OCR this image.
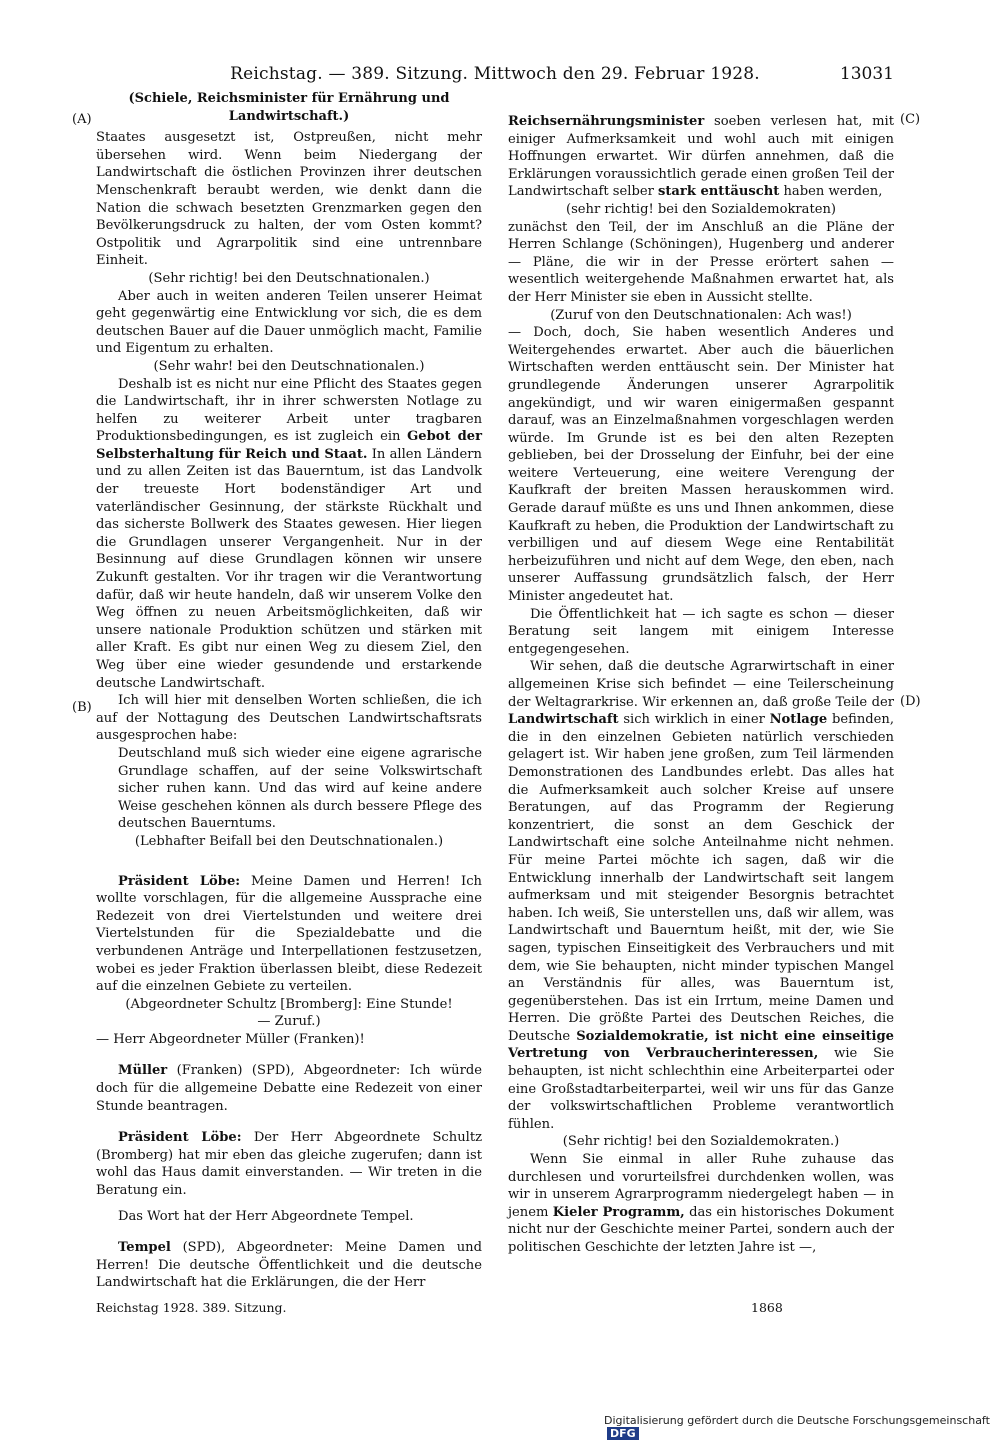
Reichstag. — 389. Sitzung. Mittwoch den 29. Februar 1928.	13031
(A)
(B)
(C)
(D)
(Schiele, Reichsminister für Ernährung und Landwirtschaft.)

Staates ausgesetzt ist, Ostpreußen, nicht mehr übersehen wird. Wenn beim Niedergang der Landwirtschaft die östlichen Provinzen ihrer deutschen Menschenkraft beraubt werden, wie denkt dann die Nation die schwach besetzten Grenzmarken gegen den Bevölkerungsdruck zu halten, der vom Osten kommt? Ostpolitik und Agrarpolitik sind eine untrennbare Einheit.

(Sehr richtig! bei den Deutschnationalen.)

Aber auch in weiten anderen Teilen unserer Heimat geht gegenwärtig eine Entwicklung vor sich, die es dem deutschen Bauer auf die Dauer unmöglich macht, Familie und Eigentum zu erhalten.

(Sehr wahr! bei den Deutschnationalen.)

Deshalb ist es nicht nur eine Pflicht des Staates gegen die Landwirtschaft, ihr in ihrer schwersten Notlage zu helfen zu weiterer Arbeit unter tragbaren Produktionsbedingungen, es ist zugleich ein Gebot der Selbsterhaltung für Reich und Staat. In allen Ländern und zu allen Zeiten ist das Bauerntum, ist das Landvolk der treueste Hort bodenständiger Art und vaterländischer Gesinnung, der stärkste Rückhalt und das sicherste Bollwerk des Staates gewesen. Hier liegen die Grundlagen unserer Vergangenheit. Nur in der Besinnung auf diese Grundlagen können wir unsere Zukunft gestalten. Vor ihr tragen wir die Verantwortung dafür, daß wir heute handeln, daß wir unserem Volke den Weg öffnen zu neuen Arbeitsmöglichkeiten, daß wir unsere nationale Produktion schützen und stärken mit aller Kraft. Es gibt nur einen Weg zu diesem Ziel, den Weg über eine wieder gesundende und erstarkende deutsche Landwirtschaft.

Ich will hier mit denselben Worten schließen, die ich auf der Nottagung des Deutschen Landwirtschaftsrats ausgesprochen habe:

Deutschland muß sich wieder eine eigene agrarische Grundlage schaffen, auf der seine Volkswirtschaft sicher ruhen kann. Und das wird auf keine andere Weise geschehen können als durch bessere Pflege des deutschen Bauerntums.

(Lebhafter Beifall bei den Deutschnationalen.)

Präsident Löbe: Meine Damen und Herren! Ich wollte vorschlagen, für die allgemeine Aussprache eine Redezeit von drei Viertelstunden und weitere drei Viertelstunden für die Spezialdebatte und die verbundenen Anträge und Interpellationen festzusetzen, wobei es jeder Fraktion überlassen bleibt, diese Redezeit auf die einzelnen Gebiete zu verteilen.

(Abgeordneter Schultz [Bromberg]: Eine Stunde!

— Zuruf.)

— Herr Abgeordneter Müller (Franken)!

Müller (Franken) (SPD), Abgeordneter: Ich würde doch für die allgemeine Debatte eine Redezeit von einer Stunde beantragen.

Präsident Löbe: Der Herr Abgeordnete Schultz (Bromberg) hat mir eben das gleiche zugerufen; dann ist wohl das Haus damit einverstanden. — Wir treten in die Beratung ein.

Das Wort hat der Herr Abgeordnete Tempel.

Tempel (SPD), Abgeordneter: Meine Damen und Herren! Die deutsche Öffentlichkeit und die deutsche Landwirtschaft hat die Erklärungen, die der Herr

Reichsernährungsminister soeben verlesen hat, mit einiger Aufmerksamkeit und wohl auch mit einigen Hoffnungen erwartet. Wir dürfen annehmen, daß die Erklärungen voraussichtlich gerade einen großen Teil der Landwirtschaft selber stark enttäuscht haben werden,

(sehr richtig! bei den Sozialdemokraten)

zunächst den Teil, der im Anschluß an die Pläne der Herren Schlange (Schöningen), Hugenberg und anderer — Pläne, die wir in der Presse erörtert sahen — wesentlich weitergehende Maßnahmen erwartet hat, als der Herr Minister sie eben in Aussicht stellte.

(Zuruf von den Deutschnationalen: Ach was!)

— Doch, doch, Sie haben wesentlich Anderes und Weitergehendes erwartet. Aber auch die bäuerlichen Wirtschaften werden enttäuscht sein. Der Minister hat grundlegende Änderungen unserer Agrarpolitik angekündigt, und wir waren einigermaßen gespannt darauf, was an Einzelmaßnahmen vorgeschlagen werden würde. Im Grunde ist es bei den alten Rezepten geblieben, bei der Drosselung der Einfuhr, bei der eine weitere Verteuerung, eine weitere Verengung der Kaufkraft der breiten Massen herauskommen wird. Gerade darauf müßte es uns und Ihnen ankommen, diese Kaufkraft zu heben, die Produktion der Landwirtschaft zu verbilligen und auf diesem Wege eine Rentabilität herbeizuführen und nicht auf dem Wege, den eben, nach unserer Auffassung grundsätzlich falsch, der Herr Minister angedeutet hat.

Die Öffentlichkeit hat — ich sagte es schon — dieser Beratung seit langem mit einigem Interesse entgegengesehen.

Wir sehen, daß die deutsche Agrarwirtschaft in einer allgemeinen Krise sich befindet — eine Teilerscheinung der Weltagrarkrise. Wir erkennen an, daß große Teile der Landwirtschaft sich wirklich in einer Notlage befinden, die in den einzelnen Gebieten natürlich verschieden gelagert ist. Wir haben jene großen, zum Teil lärmenden Demonstrationen des Landbundes erlebt. Das alles hat die Aufmerksamkeit auch solcher Kreise auf unsere Beratungen, auf das Programm der Regierung konzentriert, die sonst an dem Geschick der Landwirtschaft eine solche Anteilnahme nicht nehmen. Für meine Partei möchte ich sagen, daß wir die Entwicklung innerhalb der Landwirtschaft seit langem aufmerksam und mit steigender Besorgnis betrachtet haben. Ich weiß, Sie unterstellen uns, daß wir allem, was Landwirtschaft und Bauerntum heißt, mit der, wie Sie sagen, typischen Einseitigkeit des Verbrauchers und mit dem, wie Sie behaupten, nicht minder typischen Mangel an Verständnis für alles, was Bauerntum ist, gegenüberstehen. Das ist ein Irrtum, meine Damen und Herren. Die größte Partei des Deutschen Reiches, die Deutsche Sozialdemokratie, ist nicht eine einseitige Vertretung von Verbraucherinteressen, wie Sie behaupten, ist nicht schlechthin eine Arbeiterpartei oder eine Großstadtarbeiterpartei, weil wir uns für das Ganze der volkswirtschaftlichen Probleme verantwortlich fühlen.

(Sehr richtig! bei den Sozialdemokraten.)

Wenn Sie einmal in aller Ruhe zuhause das durchlesen und vorurteilsfrei durchdenken wollen, was wir in unserem Agrarprogramm niedergelegt haben — in jenem Kieler Programm, das ein historisches Dokument nicht nur der Geschichte meiner Partei, sondern auch der politischen Geschichte der letzten Jahre ist —,

Reichstag 1928. 389. Sitzung.	1868
Digitalisierung gefördert durch die Deutsche ForschungsgemeinschaftDFG
